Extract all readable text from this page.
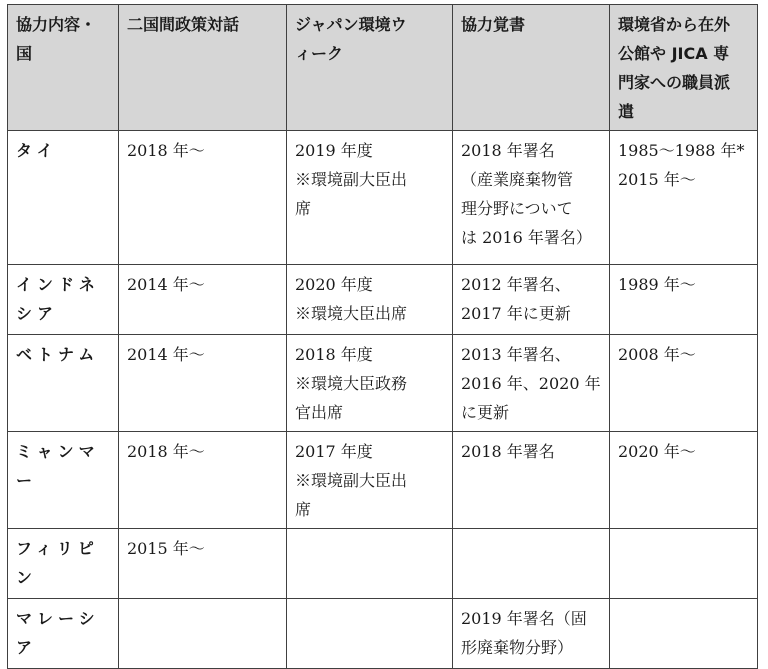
協力内容・
国	二国間政策対話	ジャパン環境ウ
ィーク	協力覚書	環境省から在外
公館や JICA 専
門家への職員派
遣

タイ	2018 年～	2019 年度
※環境副大臣出
席	2018 年署名
（産業廃棄物管
理分野について
は 2016 年署名）	1985～1988 年*
2015 年～

インドネ
シア	2014 年～	2020 年度
※環境大臣出席	2012 年署名、
2017 年に更新	1989 年～

ベトナム	2014 年～	2018 年度
※環境大臣政務
官出席	2013 年署名、
2016 年、2020 年
に更新	2008 年～

ミャンマ
ー	2018 年～	2017 年度
※環境副大臣出
席	2018 年署名	2020 年～

フィリピ
ン	2015 年～			

マレーシ
ア			2019 年署名（固
形廃棄物分野）	
